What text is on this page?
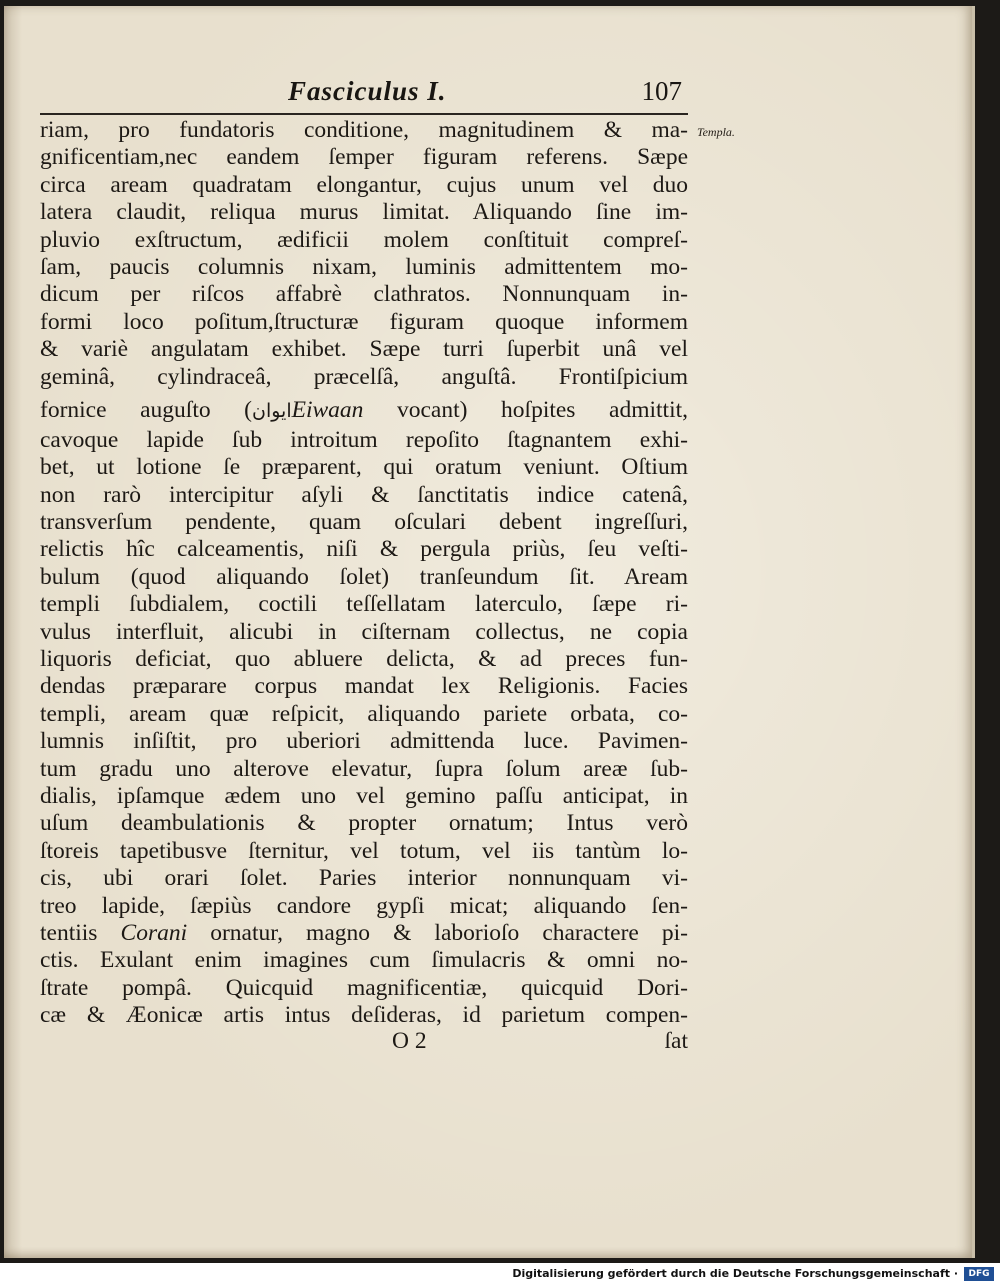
Fasciculus I.	107
Templa.
riam, pro fundatoris conditione, magnitudinem & ma-
gnificentiam,nec eandem ſemper figuram referens. Sæpe
circa aream quadratam elongantur, cujus unum vel duo
latera claudit, reliqua murus limitat. Aliquando ſine im-
pluvio exſtructum, ædificii molem conſtituit compreſ-
ſam, paucis columnis nixam, luminis admittentem mo-
dicum per riſcos affabrè clathratos. Nonnunquam in-
formi loco poſitum,ſtructuræ figuram quoque informem
& variè angulatam exhibet. Sæpe turri ſuperbit unâ vel
geminâ, cylindraceâ, præcelſâ, anguſtâ. Frontiſpicium
fornice auguſto (ايوانEiwaan vocant) hoſpites admittit,
cavoque lapide ſub introitum repoſito ſtagnantem exhi-
bet, ut lotione ſe præparent, qui oratum veniunt. Oſtium
non rarò intercipitur aſyli & ſanctitatis indice catenâ,
transverſum pendente, quam oſculari debent ingreſſuri,
relictis hîc calceamentis, niſi & pergula priùs, ſeu veſti-
bulum (quod aliquando ſolet) tranſeundum ſit. Aream
templi ſubdialem, coctili teſſellatam laterculo, ſæpe ri-
vulus interfluit, alicubi in ciſternam collectus, ne copia
liquoris deficiat, quo abluere delicta, & ad preces fun-
dendas præparare corpus mandat lex Religionis. Facies
templi, aream quæ reſpicit, aliquando pariete orbata, co-
lumnis inſiſtit, pro uberiori admittenda luce. Pavimen-
tum gradu uno alterove elevatur, ſupra ſolum areæ ſub-
dialis, ipſamque ædem uno vel gemino paſſu anticipat, in
uſum deambulationis & propter ornatum; Intus verò
ſtoreis tapetibusve ſternitur, vel totum, vel iis tantùm lo-
cis, ubi orari ſolet. Paries interior nonnunquam vi-
treo lapide, ſæpiùs candore gypſi micat; aliquando ſen-
tentiis Corani ornatur, magno & laborioſo charactere pi-
ctis. Exulant enim imagines cum ſimulacris & omni no-
ſtrate pompâ. Quicquid magnificentiæ, quicquid Dori-
cæ & Æonicæ artis intus deſideras, id parietum compen-
O 2	ſat
Digitalisierung gefördert durch die Deutsche Forschungsgemeinschaft ·	DFG
